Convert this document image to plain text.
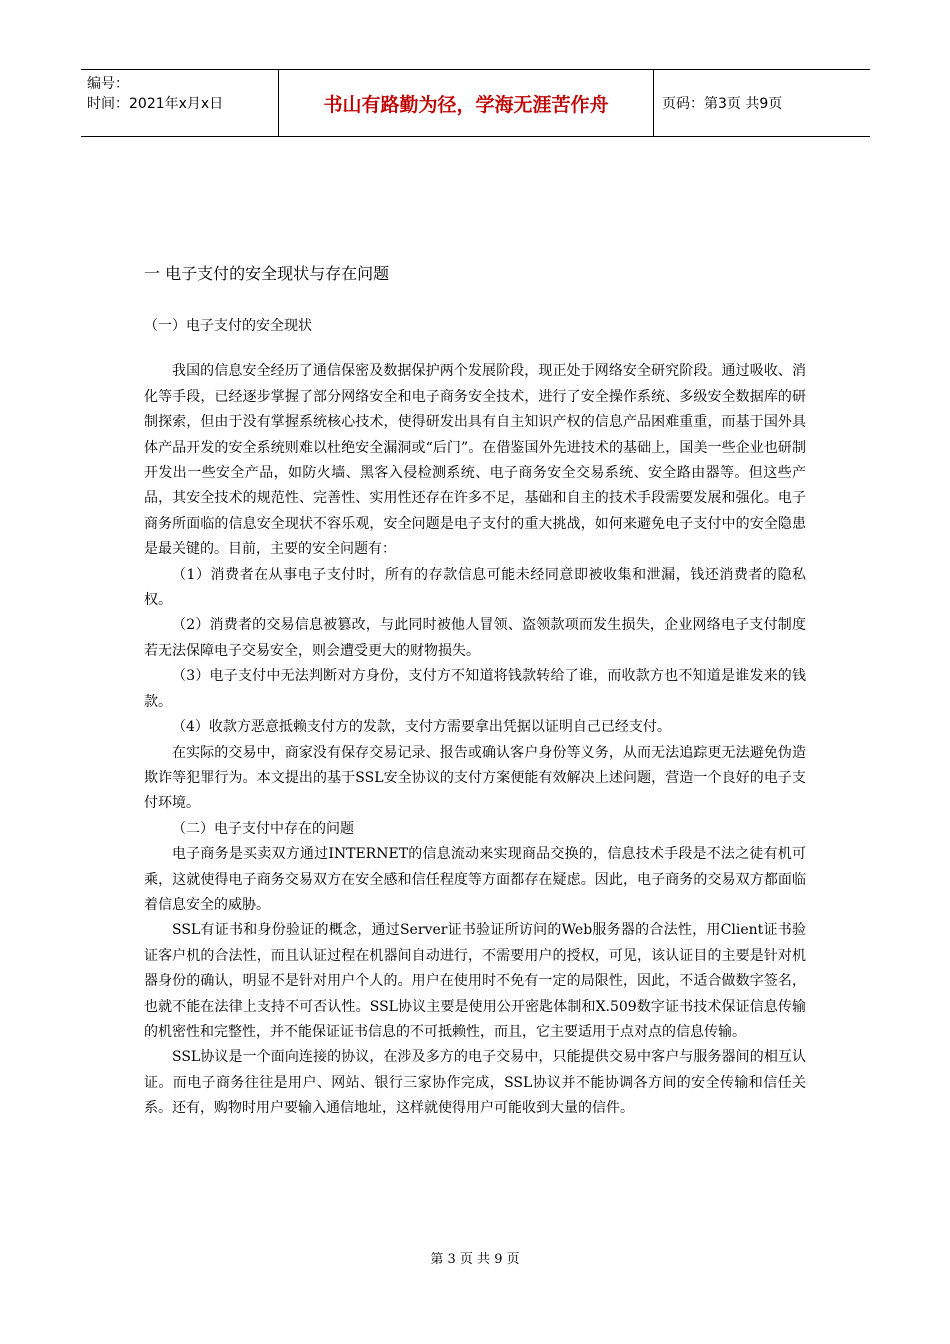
编号：
时间：2021年x月x日	书山有路勤为径，学海无涯苦作舟	页码：第3页 共9页
一 电子支付的安全现状与存在问题

（一）电子支付的安全现状

我国的信息安全经历了通信保密及数据保护两个发展阶段，现正处于网络安全研究阶段。通过吸收、消化等手段，已经逐步掌握了部分网络安全和电子商务安全技术，进行了安全操作系统、多级安全数据库的研制探索，但由于没有掌握系统核心技术，使得研发出具有自主知识产权的信息产品困难重重，而基于国外具体产品开发的安全系统则难以杜绝安全漏洞或“后门”。在借鉴国外先进技术的基础上，国美一些企业也研制开发出一些安全产品，如防火墙、黑客入侵检测系统、电子商务安全交易系统、安全路由器等。但这些产品，其安全技术的规范性、完善性、实用性还存在许多不足，基础和自主的技术手段需要发展和强化。电子商务所面临的信息安全现状不容乐观，安全问题是电子支付的重大挑战，如何来避免电子支付中的安全隐患是最关键的。目前，主要的安全问题有：

（1）消费者在从事电子支付时，所有的存款信息可能未经同意即被收集和泄漏，钱还消费者的隐私权。

（2）消费者的交易信息被篡改，与此同时被他人冒领、盗领款项而发生损失，企业网络电子支付制度若无法保障电子交易安全，则会遭受更大的财物损失。

（3）电子支付中无法判断对方身份，支付方不知道将钱款转给了谁，而收款方也不知道是谁发来的钱款。

（4）收款方恶意抵赖支付方的发款，支付方需要拿出凭据以证明自己已经支付。

在实际的交易中，商家没有保存交易记录、报告或确认客户身份等义务，从而无法追踪更无法避免伪造欺诈等犯罪行为。本文提出的基于SSL安全协议的支付方案便能有效解决上述问题，营造一个良好的电子支付环境。

（二）电子支付中存在的问题

电子商务是买卖双方通过INTERNET的信息流动来实现商品交换的，信息技术手段是不法之徒有机可乘，这就使得电子商务交易双方在安全感和信任程度等方面都存在疑虑。因此，电子商务的交易双方都面临着信息安全的威胁。

SSL有证书和身份验证的概念，通过Server证书验证所访问的Web服务器的合法性，用Client证书验证客户机的合法性，而且认证过程在机器间自动进行，不需要用户的授权，可见，该认证目的主要是针对机器身份的确认，明显不是针对用户个人的。用户在使用时不免有一定的局限性，因此，不适合做数字签名，也就不能在法律上支持不可否认性。SSL协议主要是使用公开密匙体制和X.509数字证书技术保证信息传输的机密性和完整性，并不能保证证书信息的不可抵赖性，而且，它主要适用于点对点的信息传输。

SSL协议是一个面向连接的协议，在涉及多方的电子交易中，只能提供交易中客户与服务器间的相互认证。而电子商务往往是用户、网站、银行三家协作完成，SSL协议并不能协调各方间的安全传输和信任关系。还有，购物时用户要输入通信地址，这样就使得用户可能收到大量的信件。

第 3 页 共 9 页
